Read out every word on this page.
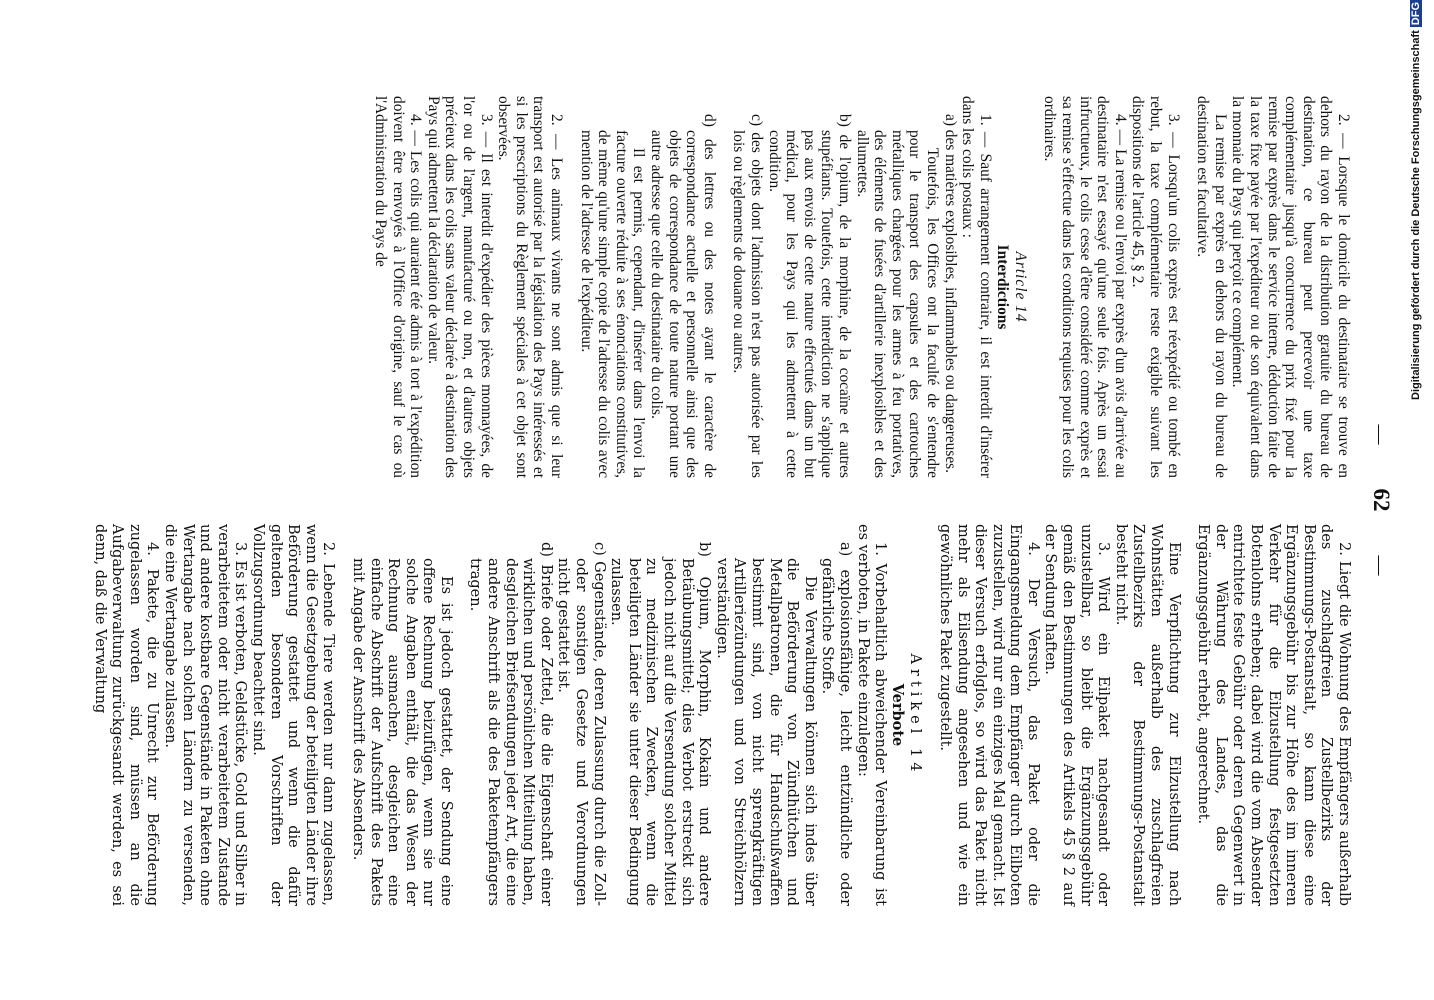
—62—

2. — Lorsque le domicile du destinataire se trouve en dehors du rayon de la distribution gratuite du bureau de destination, ce bureau peut percevoir une taxe complémentaire jusqu'à concurrence du prix fixé pour la remise par exprès dans le service interne, déduction faite de la taxe fixe payée par l'expéditeur ou de son équivalent dans la monnaie du Pays qui perçoit ce complément.

La remise par exprès en dehors du rayon du bureau de destination est facultative.

3. — Lorsqu'un colis exprès est réexpédié ou tombé en rebut, la taxe complémentaire reste exigible suivant les dispositions de l'article 45, § 2.

4. — La remise ou l'envoi par exprès d'un avis d'arrivée au destinataire n'est essayé qu'une seule fois. Après un essai infructueux, le colis cesse d'être considéré comme exprès et sa remise s'effectue dans les conditions requises pour les colis ordinaires.

Article 14

Interdictions

1. — Sauf arrangement contraire, il est interdit d'insérer dans les colis postaux :

a) des matières explosibles, inflammables ou dangereuses.

Toutefois, les Offices ont la faculté de s'entendre pour le transport des capsules et des cartouches métalliques chargées pour les armes à feu portatives, des éléments de fusées d'artillerie inexplosibles et des allumettes.

b) de l'opium, de la morphine, de la cocaïne et autres stupéfiants. Toutefois, cette interdiction ne s'applique pas aux envois de cette nature effectués dans un but médical, pour les Pays qui les admettent à cette condition.

c) des objets dont l'admission n'est pas autorisée par les lois ou règlements de douane ou autres.

d) des lettres ou des notes ayant le caractère de correspondance actuelle et personnelle ainsi que des objets de correspondance de toute nature portant une autre adresse que celle du destinataire du colis.

Il est permis, cependant, d'insérer dans l'envoi la facture ouverte réduite à ses énonciations constitutives, de même qu'une simple copie de l'adresse du colis avec mention de l'adresse de l'expéditeur.

2. — Les animaux vivants ne sont admis que si leur transport est autorisé par la législation des Pays intéressés et si les prescriptions du Règlement spéciales à cet objet sont observées.

3. — Il est interdit d'expédier des pièces monnayées, de l'or ou de l'argent, manufacturé ou non, et d'autres objets précieux dans les colis sans valeur déclarée à destination des Pays qui admettent la déclaration de valeur.

4. — Les colis qui auraient été admis à tort à l'expédition doivent être renvoyés à l'Office d'origine, sauf le cas où l'Administration du Pays de

2. Liegt die Wohnung des Empfängers außerhalb des zuschlagfreien Zustellbezirks der Bestimmungs-Postanstalt, so kann diese eine Ergänzungsgebühr bis zur Höhe des im inneren Verkehr für die Eilzustellung festgesetzten Botenlohns erheben; dabei wird die vom Absender entrichtete feste Gebühr oder deren Gegenwert in der Währung des Landes, das die Ergänzungsgebühr erhebt, angerechnet.

Eine Verpflichtung zur Eilzustellung nach Wohnstätten außerhalb des zuschlagfreien Zustellbezirks der Bestimmungs-Postanstalt besteht nicht.

3. Wird ein Eilpaket nachgesandt oder unzustellbar, so bleibt die Ergänzungsgebühr gemäß den Bestimmungen des Artikels 45 § 2 auf der Sendung haften.

4. Der Versuch, das Paket oder die Eingangsmeldung dem Empfänger durch Eilboten zuzustellen, wird nur ein einziges Mal gemacht. Ist dieser Versuch erfolglos, so wird das Paket nicht mehr als Eilsendung angesehen und wie ein gewöhnliches Paket zugestellt.

Artikel 14

Verbote

1. Vorbehaltlich abweichender Vereinbarung ist es verboten, in Pakete einzulegen:

a) explosionsfähige, leicht entzündliche oder gefährliche Stoffe.

Die Verwaltungen können sich indes über die Beförderung von Zündhütchen und Metallpatronen, die für Handschußwaffen bestimmt sind, von nicht sprengkräftigen Artilleriezündungen und von Streichhölzern verständigen.

b) Opium, Morphin, Kokain und andere Betäubungsmittel; dies Verbot erstreckt sich jedoch nicht auf die Versendung solcher Mittel zu medizinischen Zwecken, wenn die beteiligten Länder sie unter dieser Bedingung zulassen.

c) Gegenstände, deren Zulassung durch die Zoll- oder sonstigen Gesetze und Verordnungen nicht gestattet ist.

d) Briefe oder Zettel, die die Eigenschaft einer wirklichen und persönlichen Mitteilung haben, desgleichen Briefsendungen jeder Art, die eine andere Anschrift als die des Paketempfängers tragen.

Es ist jedoch gestattet, der Sendung eine offene Rechnung beizufügen, wenn sie nur solche Angaben enthält, die das Wesen der Rechnung ausmachen, desgleichen eine einfache Abschrift der Aufschrift des Pakets mit Angabe der Anschrift des Absenders.

2. Lebende Tiere werden nur dann zugelassen, wenn die Gesetzgebung der beteiligten Länder ihre Beförderung gestattet und wenn die dafür geltenden besonderen Vorschriften der Vollzugsordnung beachtet sind.

3. Es ist verboten, Geldstücke, Gold und Silber in verarbeitetem oder nicht verarbeitetem Zustande und andere kostbare Gegenstände in Paketen ohne Wertangabe nach solchen Ländern zu versenden, die eine Wertangabe zulassen.

4. Pakete, die zu Unrecht zur Beförderung zugelassen worden sind, müssen an die Aufgabeverwaltung zurückgesandt werden, es sei denn, daß die Verwaltung

Digitalisierung gefördert durch die Deutsche ForschungsgemeinschaftDFG
